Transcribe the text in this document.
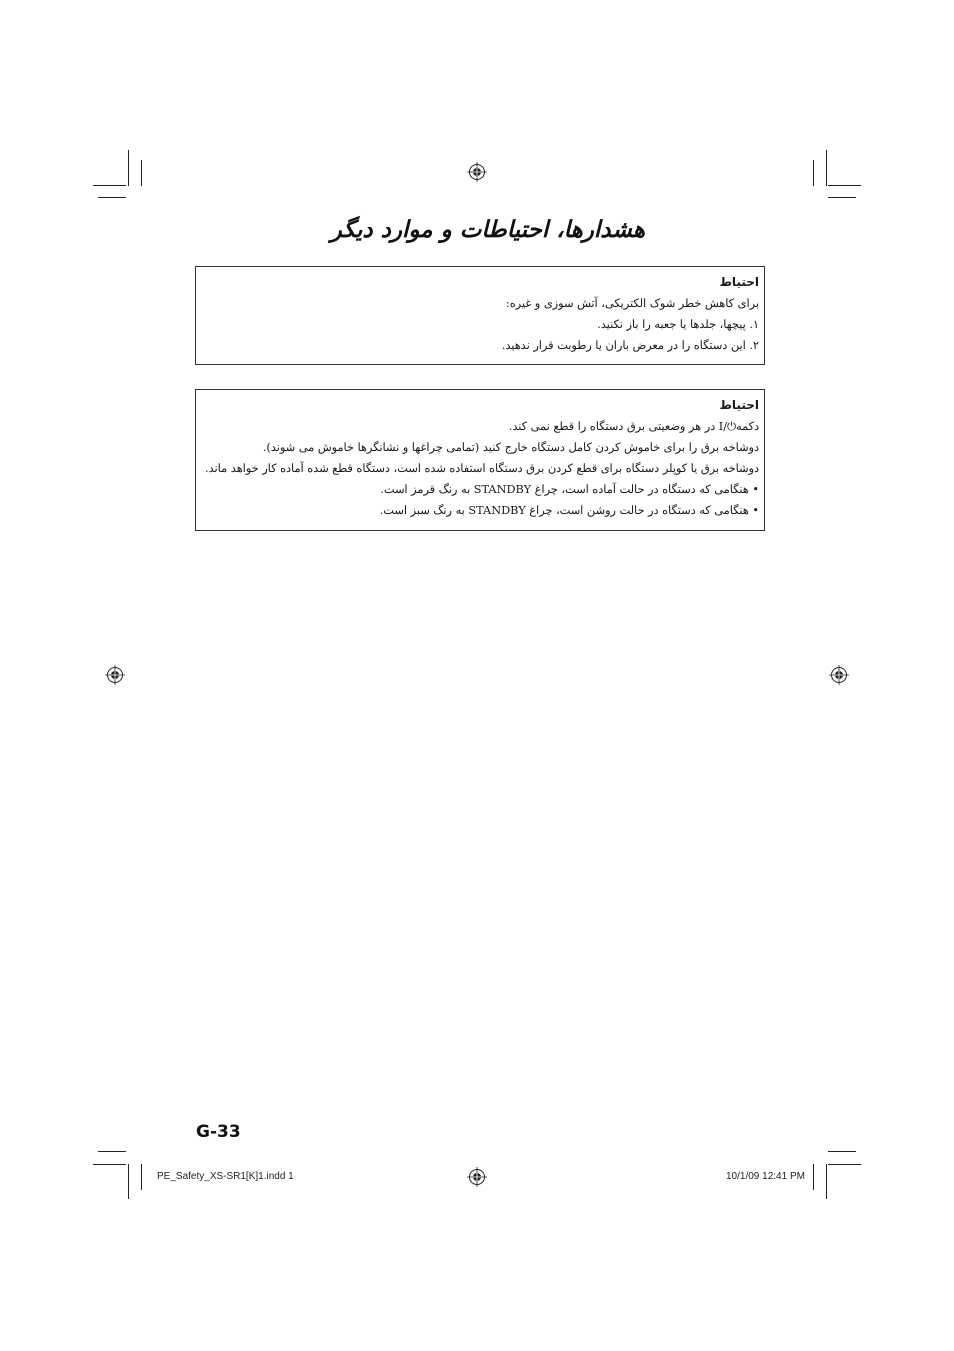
هشدارها، احتیاطات و موارد دیگر
احتیاط
برای کاهش خطر شوک الکتریکی، آتش سوزی و غیره:
۱. پیچها، جلدها یا جعبه را باز نکنید.
۲. این دستگاه را در معرض باران یا رطوبت قرار ندهید.
احتیاط
دکمه⏻/I در هر وضعیتی برق دستگاه را قطع نمی کند.
دوشاخه برق را برای خاموش کردن کامل دستگاه خارج کنید (تمامی چراغها و نشانگرها خاموش می شوند).
دوشاخه برق یا کوپلر دستگاه برای قطع کردن برق دستگاه استفاده شده است، دستگاه قطع شده آماده کار خواهد ماند.
• هنگامی که دستگاه در حالت آماده است، چراغ STANDBY به رنگ قرمز است.
• هنگامی که دستگاه در حالت روشن است، چراغ STANDBY به رنگ سبز است.
G-33
PE_Safety_XS-SR1[K]1.indd 1	10/1/09 12:41 PM
